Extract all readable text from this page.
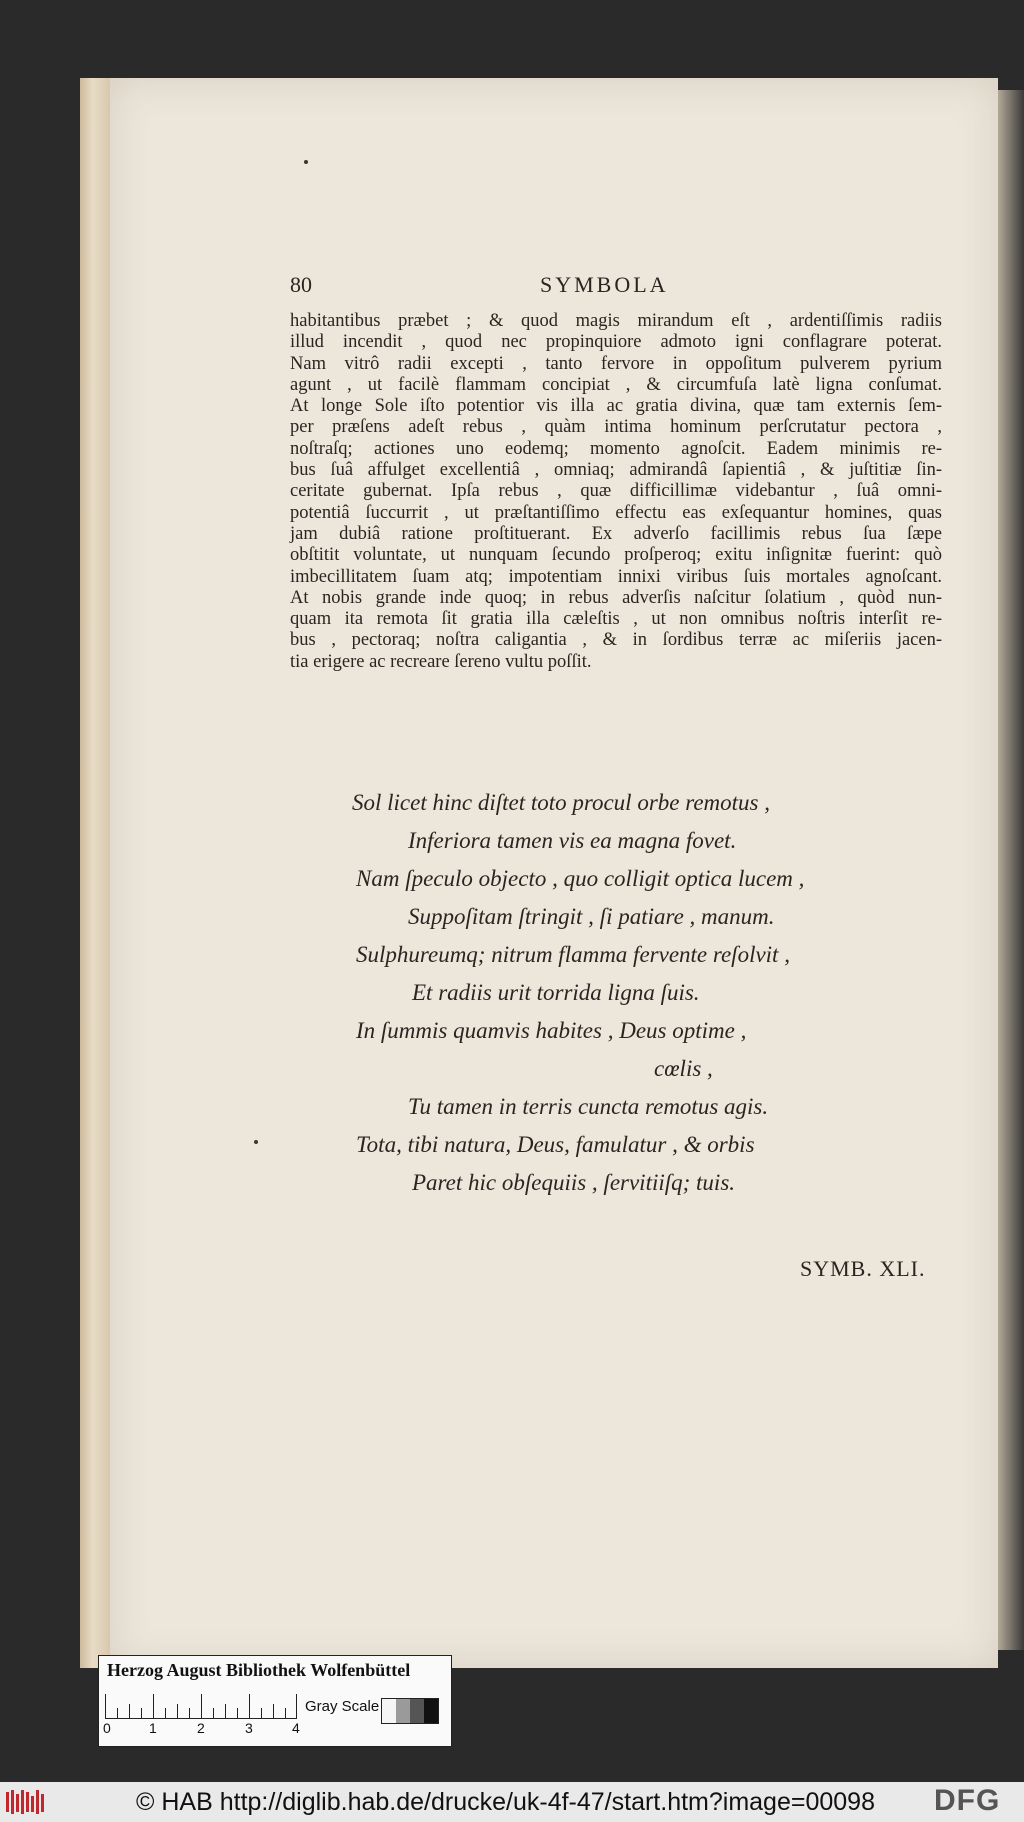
80	SYMBOLA
habitantibus præbet ; & quod magis mirandum eſt , ardentiſſimis radiis
illud incendit , quod nec propinquiore admoto igni conflagrare poterat.
Nam vitrô radii excepti , tanto fervore in oppoſitum pulverem pyrium
agunt , ut facilè flammam concipiat , & circumfuſa latè ligna conſumat.
At longe Sole iſto potentior vis illa ac gratia divina, quæ tam externis ſem-
per præſens adeſt rebus , quàm intima hominum perſcrutatur pectora ,
noſtraſq; actiones uno eodemq; momento agnoſcit. Eadem minimis re-
bus ſuâ affulget excellentiâ , omniaq; admirandâ ſapientiâ , & juſtitiæ ſin-
ceritate gubernat. Ipſa rebus , quæ difficillimæ videbantur , ſuâ omni-
potentiâ ſuccurrit , ut præſtantiſſimo effectu eas exſequantur homines, quas
jam dubiâ ratione proſtituerant. Ex adverſo facillimis rebus ſua ſæpe
obſtitit voluntate, ut nunquam ſecundo proſperoq; exitu inſignitæ fuerint: quò
imbecillitatem ſuam atq; impotentiam innixi viribus ſuis mortales agnoſcant.
At nobis grande inde quoq; in rebus adverſis naſcitur ſolatium , quòd nun-
quam ita remota ſit gratia illa cæleſtis , ut non omnibus noſtris interſit re-
bus , pectoraq; noſtra caligantia , & in ſordibus terræ ac miſeriis jacen-
tia erigere ac recreare ſereno vultu poſſit.
Sol licet hinc diſtet toto procul orbe remotus ,
Inferiora tamen vis ea magna fovet.
Nam ſpeculo objecto , quo colligit optica lucem ,
Suppoſitam ſtringit , ſi patiare , manum.
Sulphureumq; nitrum flamma fervente reſolvit ,
Et radiis urit torrida ligna ſuis.
In ſummis quamvis habites , Deus optime ,
cœlis ,
Tu tamen in terris cuncta remotus agis.
Tota, tibi natura, Deus, famulatur , & orbis
Paret hic obſequiis , ſervitiiſq; tuis.
SYMB. XLI.
Herzog August Bibliothek Wolfenbüttel
0	1	2	3	4
Gray Scale
© HAB http://diglib.hab.de/drucke/uk-4f-47/start.htm?image=00098 DFG
